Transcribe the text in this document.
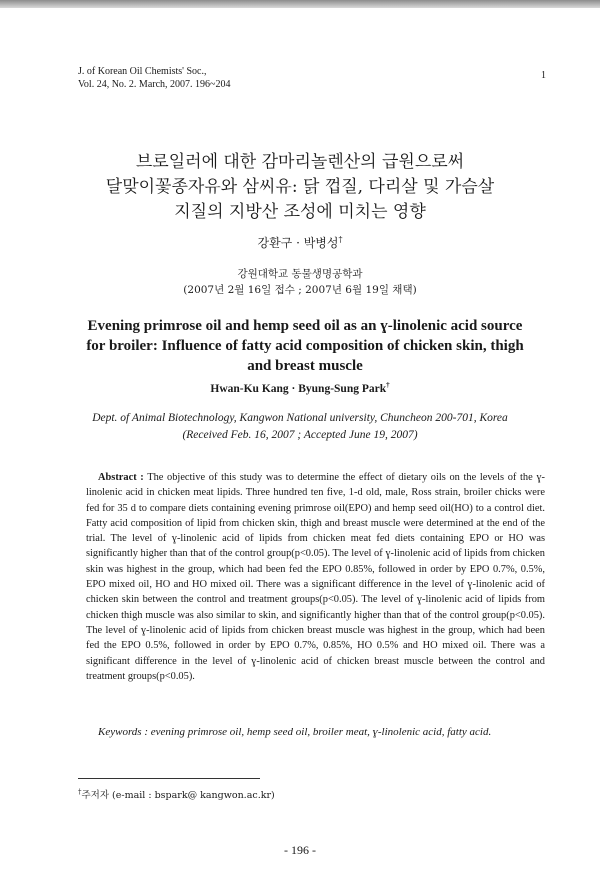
J. of Korean Oil Chemists' Soc.,
Vol. 24, No. 2. March, 2007. 196~204
1
브로일러에 대한 감마리놀렌산의 급원으로써
달맞이꽃종자유와 삼씨유: 닭 껍질, 다리살 및 가슴살
지질의 지방산 조성에 미치는 영향
강환구 · 박병성†
강원대학교 동물생명공학과
(2007년 2월 16일 접수 ; 2007년 6월 19일 채택)
Evening primrose oil and hemp seed oil as an ɣ-linolenic acid source
for broiler: Influence of fatty acid composition of chicken skin, thigh
and breast muscle
Hwan-Ku Kang · Byung-Sung Park†
Dept. of Animal Biotechnology, Kangwon National university, Chuncheon 200-701, Korea
(Received Feb. 16, 2007 ; Accepted June 19, 2007)
Abstract : The objective of this study was to determine the effect of dietary oils on the levels of the ɣ-linolenic acid in chicken meat lipids. Three hundred ten five, 1-d old, male, Ross strain, broiler chicks were fed for 35 d to compare diets containing evening primrose oil(EPO) and hemp seed oil(HO) to a control diet. Fatty acid composition of lipid from chicken skin, thigh and breast muscle were determined at the end of the trial. The level of ɣ-linolenic acid of lipids from chicken meat fed diets containing EPO or HO was significantly higher than that of the control group(p<0.05). The level of ɣ-linolenic acid of lipids from chicken skin was highest in the group, which had been fed the EPO 0.85%, followed in order by EPO 0.7%, 0.5%, EPO mixed oil, HO and HO mixed oil. There was a significant difference in the level of ɣ-linolenic acid of chicken skin between the control and treatment groups(p<0.05). The level of ɣ-linolenic acid of lipids from chicken thigh muscle was also similar to skin, and significantly higher than that of the control group(p<0.05). The level of ɣ-linolenic acid of lipids from chicken breast muscle was highest in the group, which had been fed the EPO 0.5%, followed in order by EPO 0.7%, 0.85%, HO 0.5% and HO mixed oil. There was a significant difference in the level of ɣ-linolenic acid of chicken breast muscle between the control and treatment groups(p<0.05).
Keywords : evening primrose oil, hemp seed oil, broiler meat, ɣ-linolenic acid, fatty acid.
†주저자 (e-mail : bspark@ kangwon.ac.kr)
- 196 -
